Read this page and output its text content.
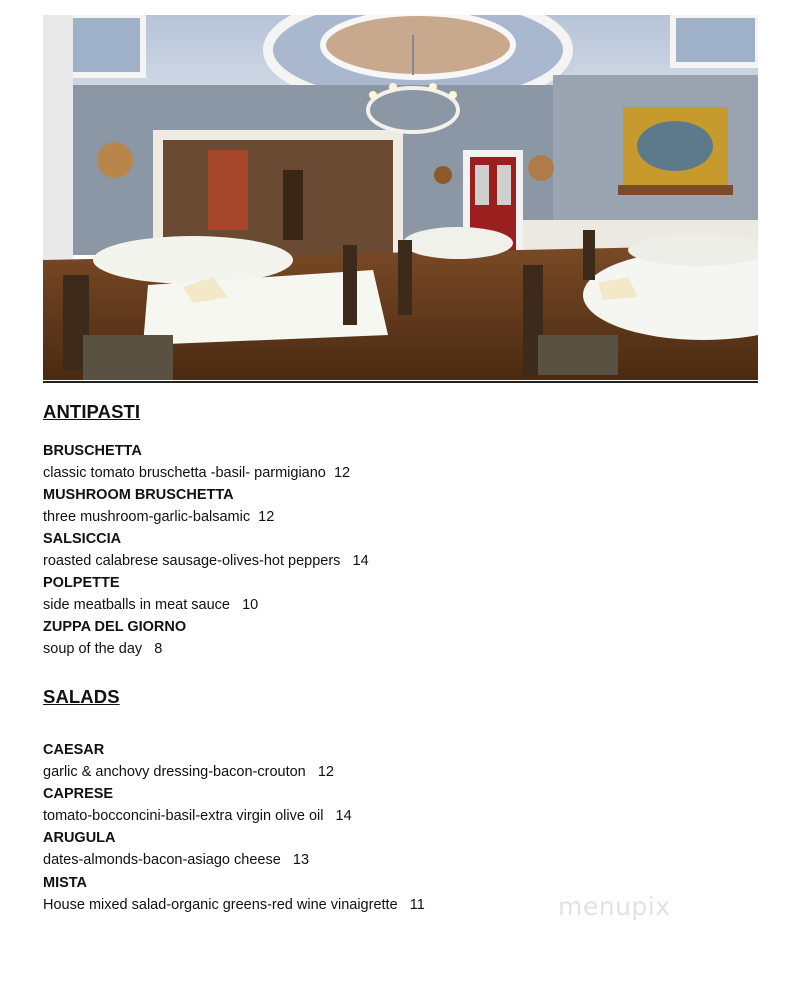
ANTIPASTI
BRUSCHETTA
classic tomato bruschetta -basil- parmigiano 12
MUSHROOM BRUSCHETTA
three mushroom-garlic-balsamic 12
SALSICCIA
roasted calabrese sausage-olives-hot peppers 14
POLPETTE
side meatballs in meat sauce 10
ZUPPA DEL GIORNO
soup of the day 8
SALADS
CAESAR
garlic & anchovy dressing-bacon-crouton 12
CAPRESE
tomato-bocconcini-basil-extra virgin olive oil 14
ARUGULA
dates-almonds-bacon-asiago cheese 13
MISTA
House mixed salad-organic greens-red wine vinaigrette 11	menupix
